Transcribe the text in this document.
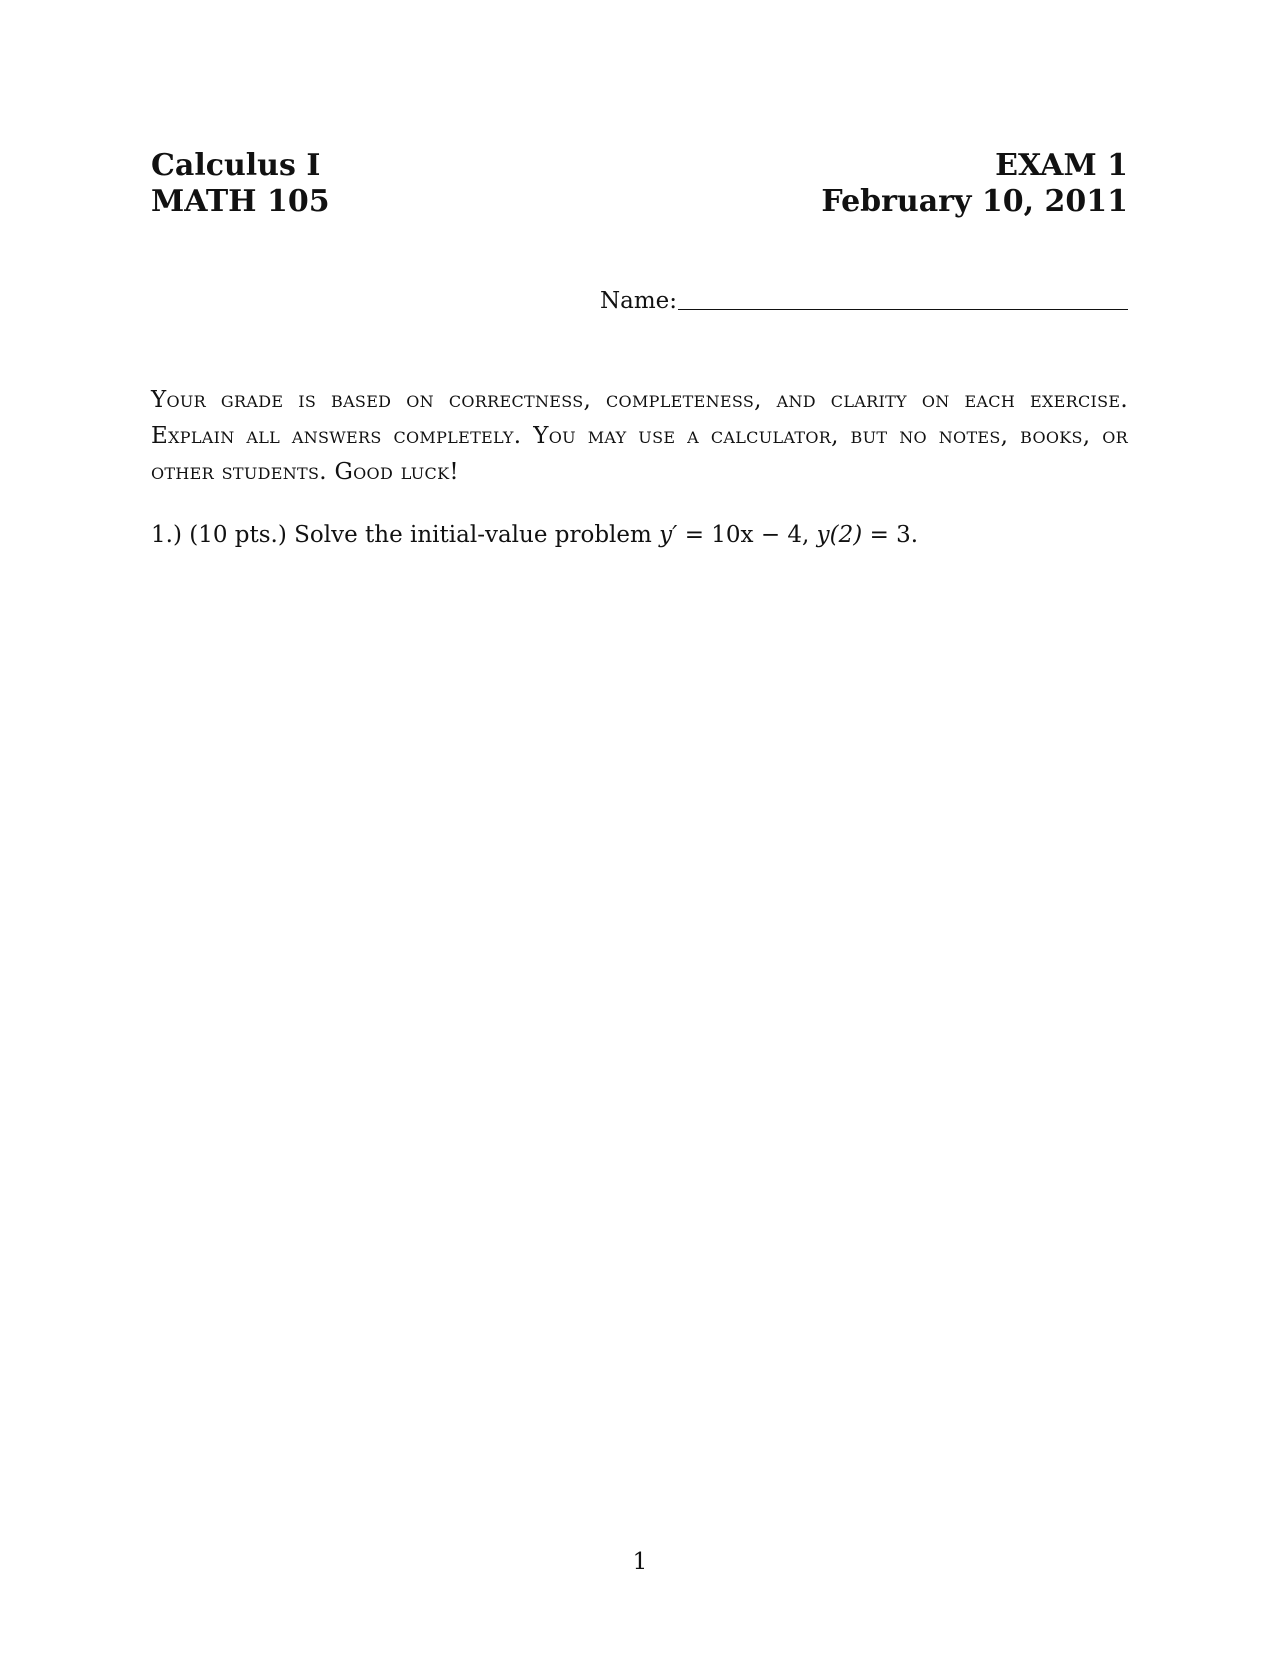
Calculus I
MATH 105
EXAM 1
February 10, 2011
Name:
Your grade is based on correctness, completeness, and clarity on each exercise. Explain all answers completely. You may use a calculator, but no notes, books, or other students. Good luck!
1.) (10 pts.) Solve the initial-value problem y′ = 10x − 4, y(2) = 3.
1
